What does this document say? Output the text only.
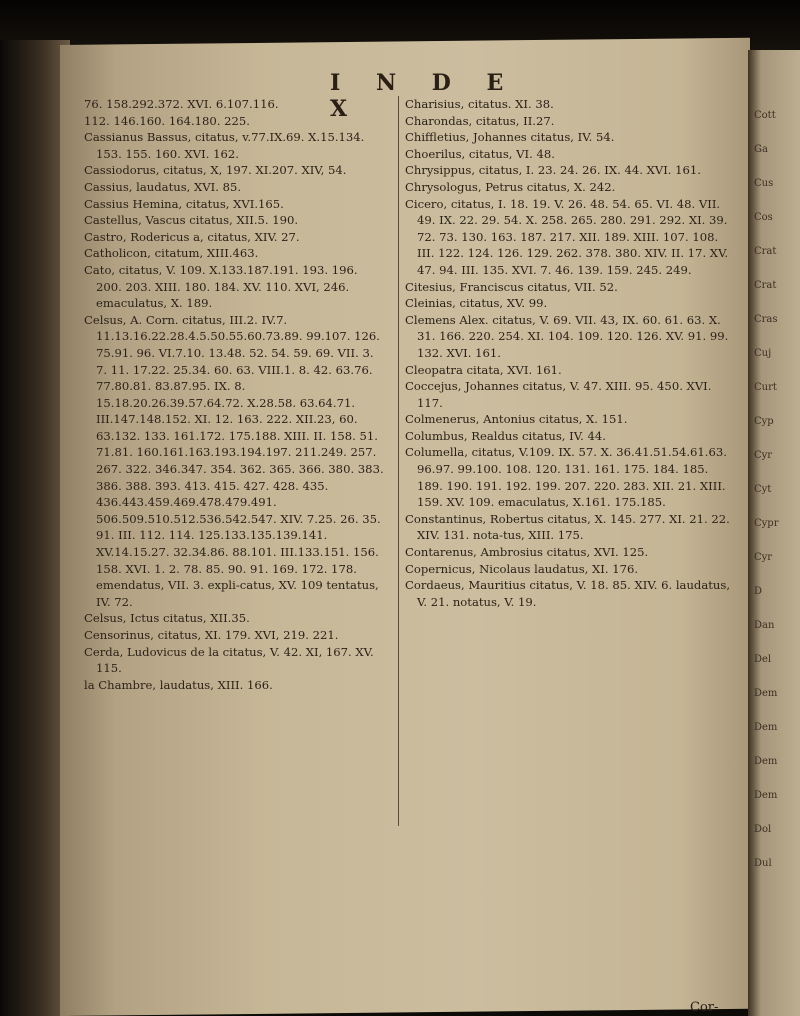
Cott
Ga
Cus
Cos
Crat
Crat
Cras
Cuj
Curt
Cyp
Cyr
Cyt
Cypr
Cyr
D
Dan
Del
Dem
Dem
Dem
Dem
Dol
Dul
I N D E X

76. 158.292.372. XVI. 6.107.116.

112. 146.160. 164.180. 225.

Cassianus Bassus, citatus, v.77.IX.69. X.15.134. 153. 155. 160. XVI. 162.

Cassiodorus, citatus, X, 197. XI.207. XIV, 54.

Cassius, laudatus, XVI. 85.

Cassius Hemina, citatus, XVI.165.

Castellus, Vascus citatus, XII.5. 190.

Castro, Rodericus a, citatus, XIV. 27.

Catholicon, citatum, XIII.463.

Cato, citatus, V. 109. X.133.187.191. 193. 196. 200. 203. XIII. 180. 184. XV. 110. XVI, 246. emaculatus, X. 189.

Celsus, A. Corn. citatus, III.2. IV.7. 11.13.16.22.28.4.5.50.55.60.73.89. 99.107. 126. 75.91. 96. VI.7.10. 13.48. 52. 54. 59. 69. VII. 3. 7. 11. 17.22. 25.34. 60. 63. VIII.1. 8. 42. 63.76. 77.80.81. 83.87.95. IX. 8. 15.18.20.26.39.57.64.72. X.28.58. 63.64.71. III.147.148.152. XI. 12. 163. 222. XII.23, 60. 63.132. 133. 161.172. 175.188. XIII. II. 158. 51. 71.81. 160.161.163.193.194.197. 211.249. 257. 267. 322. 346.347. 354. 362. 365. 366. 380. 383. 386. 388. 393. 413. 415. 427. 428. 435. 436.443.459.469.478.479.491. 506.509.510.512.536.542.547. XIV. 7.25. 26. 35. 91. III. 112. 114. 125.133.135.139.141. XV.14.15.27. 32.34.86. 88.101. III.133.151. 156. 158. XVI. 1. 2. 78. 85. 90. 91. 169. 172. 178. emendatus, VII. 3. expli-catus, XV. 109 tentatus, IV. 72.

Celsus, Ictus citatus, XII.35.

Censorinus, citatus, XI. 179. XVI, 219. 221.

Cerda, Ludovicus de la citatus, V. 42. XI, 167. XV. 115.

la Chambre, laudatus, XIII. 166.

Charisius, citatus. XI. 38.

Charondas, citatus, II.27.

Chiffletius, Johannes citatus, IV. 54.

Choerilus, citatus, VI. 48.

Chrysippus, citatus, I. 23. 24. 26. IX. 44. XVI. 161.

Chrysologus, Petrus citatus, X. 242.

Cicero, citatus, I. 18. 19. V. 26. 48. 54. 65. VI. 48. VII. 49. IX. 22. 29. 54. X. 258. 265. 280. 291. 292. XI. 39. 72. 73. 130. 163. 187. 217. XII. 189. XIII. 107. 108. III. 122. 124. 126. 129. 262. 378. 380. XIV. II. 17. XV. 47. 94. III. 135. XVI. 7. 46. 139. 159. 245. 249.

Citesius, Franciscus citatus, VII. 52.

Cleinias, citatus, XV. 99.

Clemens Alex. citatus, V. 69. VII. 43, IX. 60. 61. 63. X. 31. 166. 220. 254. XI. 104. 109. 120. 126. XV. 91. 99. 132. XVI. 161.

Cleopatra citata, XVI. 161.

Coccejus, Johannes citatus, V. 47. XIII. 95. 450. XVI. 117.

Colmenerus, Antonius citatus, X. 151.

Columbus, Realdus citatus, IV. 44.

Columella, citatus, V.109. IX. 57. X. 36.41.51.54.61.63. 96.97. 99.100. 108. 120. 131. 161. 175. 184. 185. 189. 190. 191. 192. 199. 207. 220. 283. XII. 21. XIII. 159. XV. 109. emaculatus, X.161. 175.185.

Constantinus, Robertus citatus, X. 145. 277. XI. 21. 22. XIV. 131. nota-tus, XIII. 175.

Contarenus, Ambrosius citatus, XVI. 125.

Copernicus, Nicolaus laudatus, XI. 176.

Cordaeus, Mauritius citatus, V. 18. 85. XIV. 6. laudatus, V. 21. notatus, V. 19.

Cor-
